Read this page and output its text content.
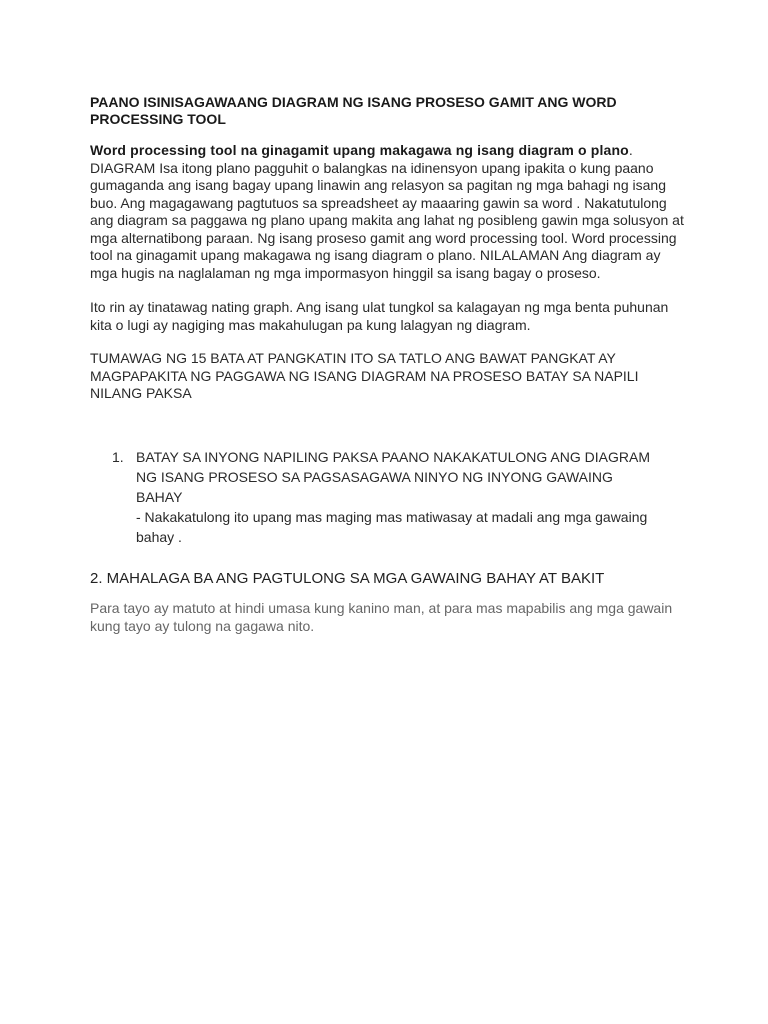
PAANO ISINISAGAWAANG DIAGRAM NG ISANG PROSESO GAMIT ANG WORD PROCESSING TOOL

Word processing tool na ginagamit upang makagawa ng isang diagram o plano. DIAGRAM Isa itong plano pagguhit o balangkas na idinensyon upang ipakita o kung paano gumaganda ang isang bagay upang linawin ang relasyon sa pagitan ng mga bahagi ng isang buo. Ang magagawang pagtutuos sa spreadsheet ay maaaring gawin sa word . Nakatutulong ang diagram sa paggawa ng plano upang makita ang lahat ng posibleng gawin mga solusyon at mga alternatibong paraan. Ng isang proseso gamit ang word processing tool. Word processing tool na ginagamit upang makagawa ng isang diagram o plano. NILALAMAN Ang diagram ay mga hugis na naglalaman ng mga impormasyon hinggil sa isang bagay o proseso.

Ito rin ay tinatawag nating graph. Ang isang ulat tungkol sa kalagayan ng mga benta puhunan kita o lugi ay nagiging mas makahulugan pa kung lalagyan ng diagram.

TUMAWAG NG 15 BATA AT PANGKATIN ITO SA TATLO ANG BAWAT PANGKAT AY MAGPAPAKITA NG PAGGAWA NG ISANG DIAGRAM NA PROSESO BATAY SA NAPILI NILANG PAKSA

1. BATAY SA INYONG NAPILING PAKSA PAANO NAKAKATULONG ANG DIAGRAM NG ISANG PROSESO SA PAGSASAGAWA NINYO NG INYONG GAWAING BAHAY
- Nakakatulong ito upang mas maging mas matiwasay at madali ang mga gawaing bahay .
2. MAHALAGA BA ANG PAGTULONG SA MGA GAWAING BAHAY AT BAKIT

Para tayo ay matuto at hindi umasa kung kanino man, at para mas mapabilis ang mga gawain kung tayo ay tulong na gagawa nito.
